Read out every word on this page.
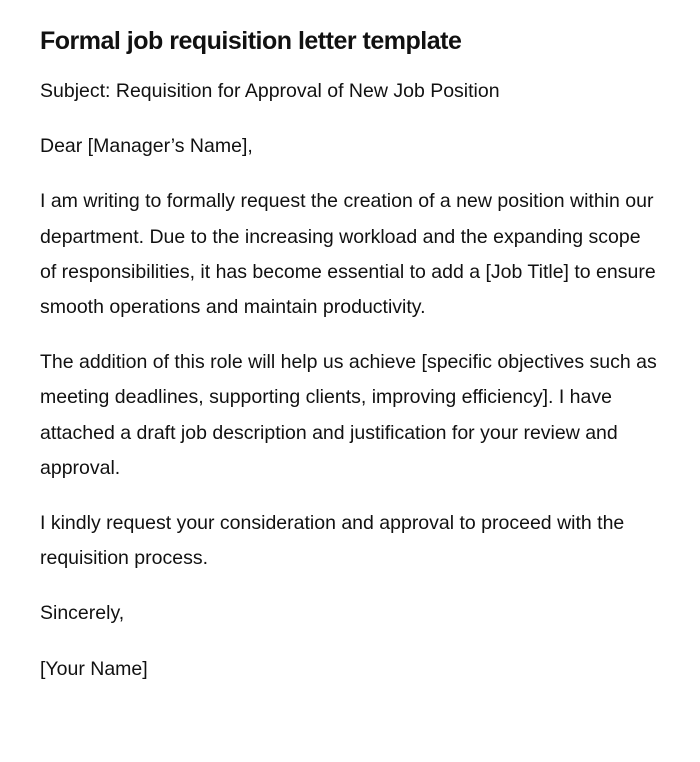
Formal job requisition letter template

Subject: Requisition for Approval of New Job Position

Dear [Manager’s Name],

I am writing to formally request the creation of a new position within our department. Due to the increasing workload and the expanding scope of responsibilities, it has become essential to add a [Job Title] to ensure smooth operations and maintain productivity.

The addition of this role will help us achieve [specific objectives such as meeting deadlines, supporting clients, improving efficiency]. I have attached a draft job description and justification for your review and approval.

I kindly request your consideration and approval to proceed with the requisition process.

Sincerely,

[Your Name]
